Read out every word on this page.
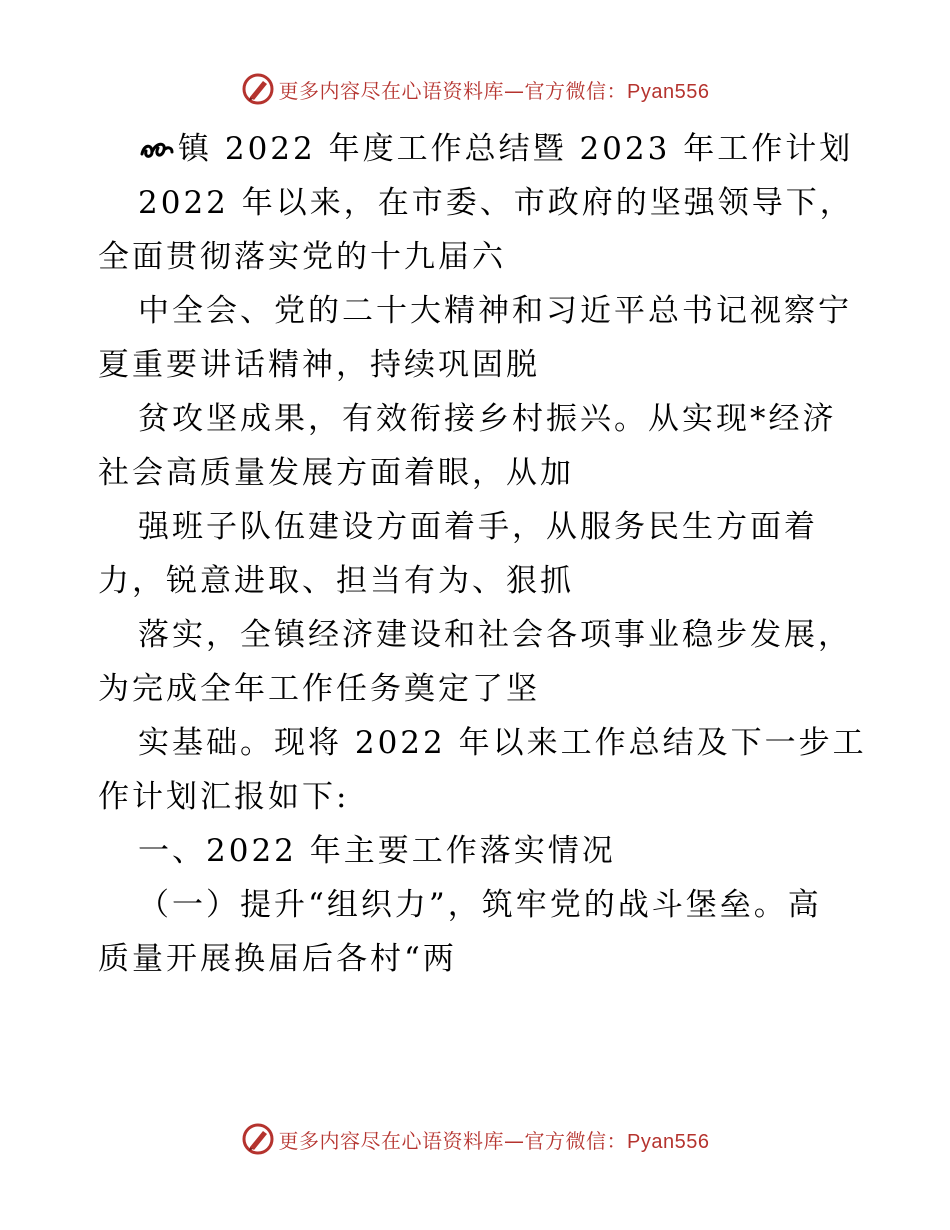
更多内容尽在心语资料库—官方微信：Pyan556
镇 2022 年度工作总结暨 2023 年工作计划
2022 年以来，在市委、市政府的坚强领导下，
全面贯彻落实党的十九届六
中全会、党的二十大精神和习近平总书记视察宁
夏重要讲话精神，持续巩固脱
贫攻坚成果，有效衔接乡村振兴。从实现*经济
社会高质量发展方面着眼，从加
强班子队伍建设方面着手，从服务民生方面着
力，锐意进取、担当有为、狠抓
落实，全镇经济建设和社会各项事业稳步发展，
为完成全年工作任务奠定了坚
实基础。现将 2022 年以来工作总结及下一步工
作计划汇报如下:
一、2022 年主要工作落实情况
（一）提升“组织力”，筑牢党的战斗堡垒。高
质量开展换届后各村“两
更多内容尽在心语资料库—官方微信：Pyan556
